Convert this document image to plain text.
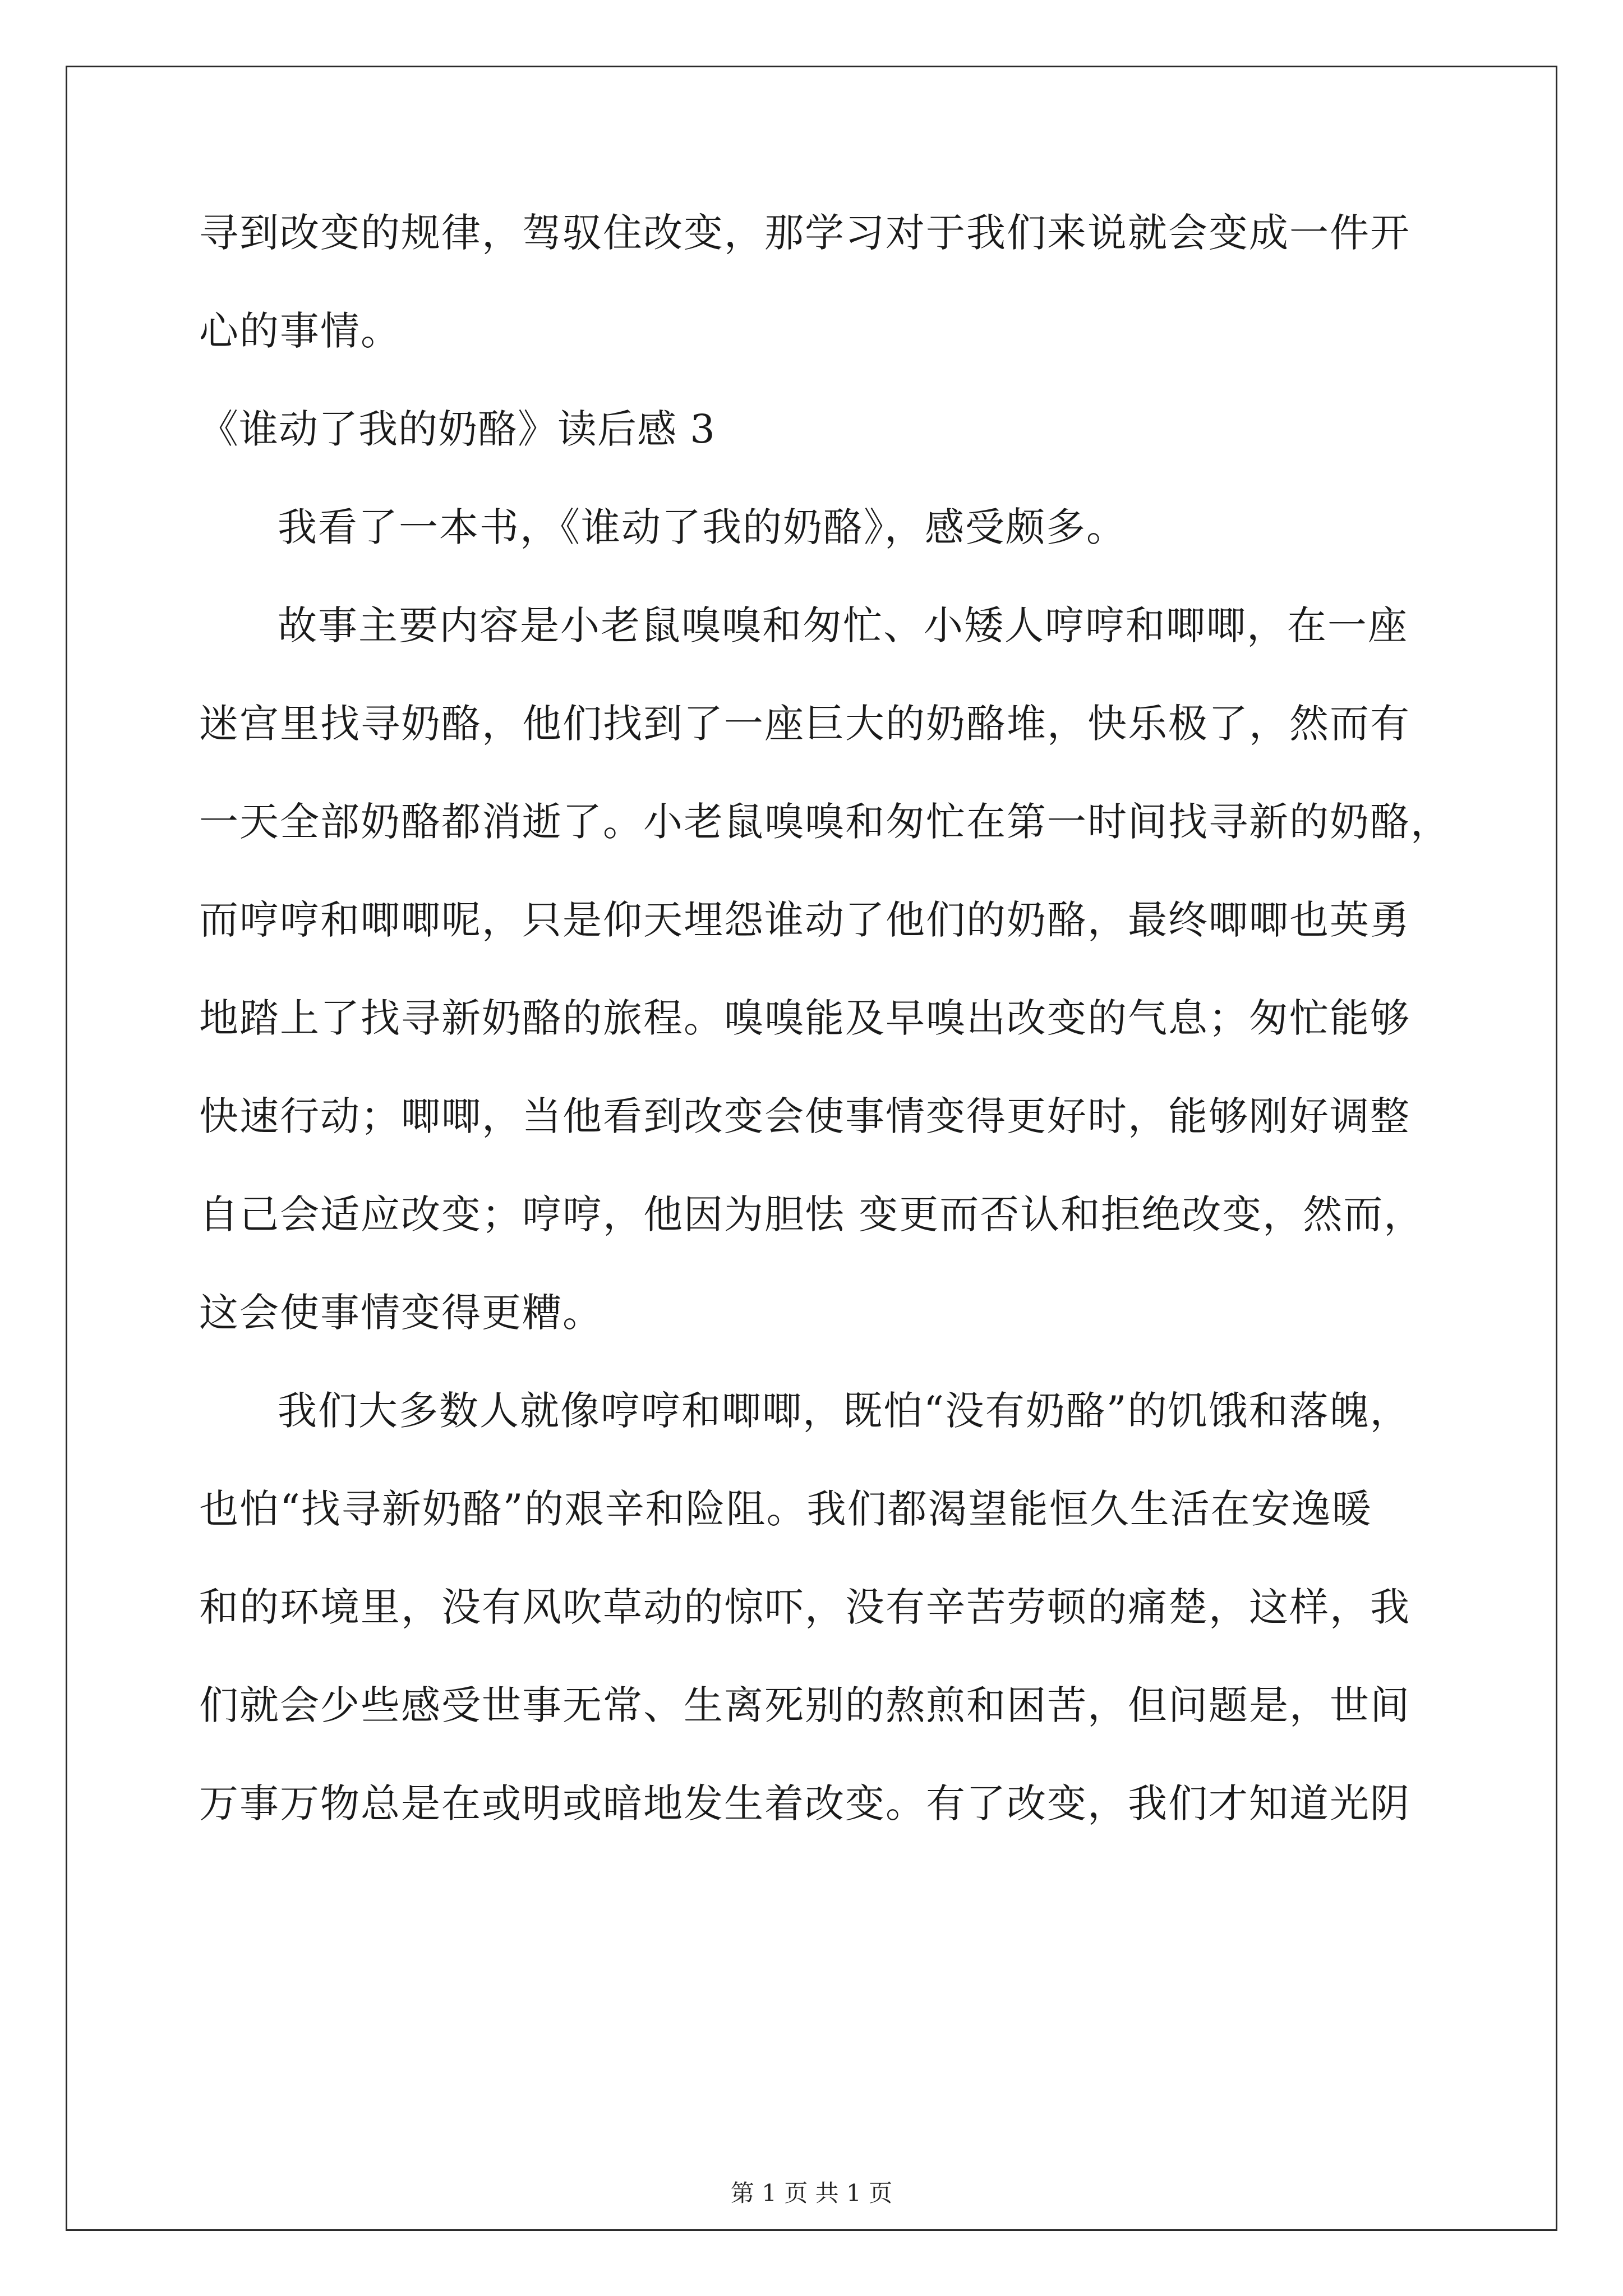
寻到改变的规律，驾驭住改变，那学习对于我们来说就会变成一件开
心的事情。
《谁动了我的奶酪》读后感 3
我看了一本书，《谁动了我的奶酪》，感受颇多。
故事主要内容是小老鼠嗅嗅和匆忙、小矮人哼哼和唧唧，在一座
迷宫里找寻奶酪，他们找到了一座巨大的奶酪堆，快乐极了，然而有
一天全部奶酪都消逝了。小老鼠嗅嗅和匆忙在第一时间找寻新的奶酪，
而哼哼和唧唧呢，只是仰天埋怨谁动了他们的奶酪，最终唧唧也英勇
地踏上了找寻新奶酪的旅程。嗅嗅能及早嗅出改变的气息；匆忙能够
快速行动；唧唧，当他看到改变会使事情变得更好时，能够刚好调整
自己会适应改变；哼哼，他因为胆怯 变更而否认和拒绝改变，然而，
这会使事情变得更糟。
我们大多数人就像哼哼和唧唧，既怕“没有奶酪”的饥饿和落魄，
也怕“找寻新奶酪”的艰辛和险阻。我们都渴望能恒久生活在安逸暖
和的环境里，没有风吹草动的惊吓，没有辛苦劳顿的痛楚，这样，我
们就会少些感受世事无常、生离死别的熬煎和困苦，但问题是，世间
万事万物总是在或明或暗地发生着改变。有了改变，我们才知道光阴
第 1 页 共 1 页
